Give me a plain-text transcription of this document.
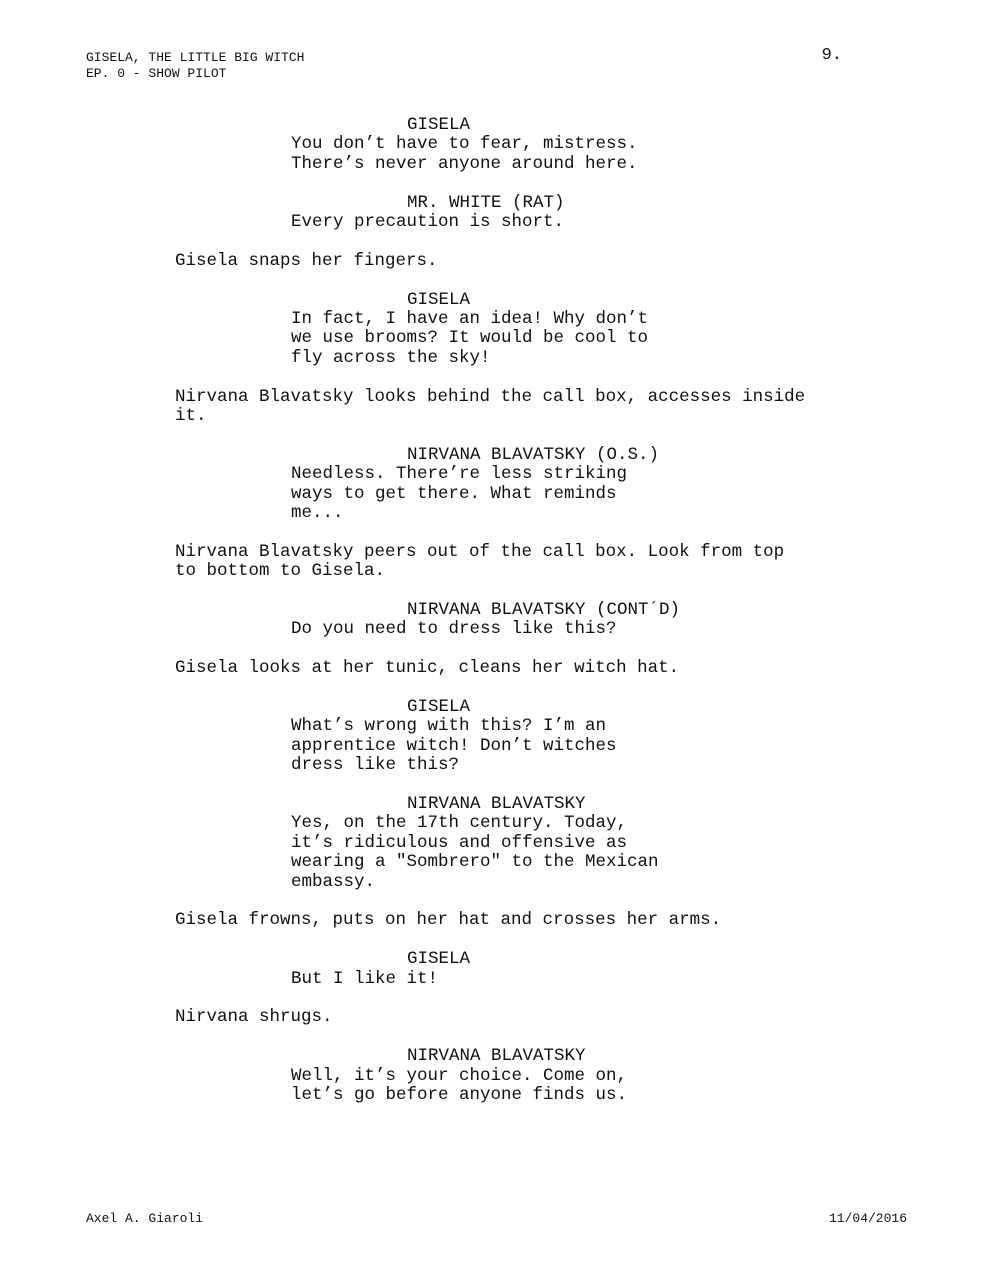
GISELA, THE LITTLE BIG WITCH
EP. 0 - SHOW PILOT
9.
GISELA
You don’t have to fear, mistress.
There’s never anyone around here.
MR. WHITE (RAT)
Every precaution is short.
Gisela snaps her fingers.
GISELA
In fact, I have an idea! Why don’t
we use brooms? It would be cool to
fly across the sky!
Nirvana Blavatsky looks behind the call box, accesses inside
it.
NIRVANA BLAVATSKY (O.S.)
Needless. There’re less striking
ways to get there. What reminds
me...
Nirvana Blavatsky peers out of the call box. Look from top
to bottom to Gisela.
NIRVANA BLAVATSKY (CONT´D)
Do you need to dress like this?
Gisela looks at her tunic, cleans her witch hat.
GISELA
What’s wrong with this? I’m an
apprentice witch! Don’t witches
dress like this?
NIRVANA BLAVATSKY
Yes, on the 17th century. Today,
it’s ridiculous and offensive as
wearing a "Sombrero" to the Mexican
embassy.
Gisela frowns, puts on her hat and crosses her arms.
GISELA
But I like it!
Nirvana shrugs.
NIRVANA BLAVATSKY
Well, it’s your choice. Come on,
let’s go before anyone finds us.
Axel A. Giaroli	11/04/2016
